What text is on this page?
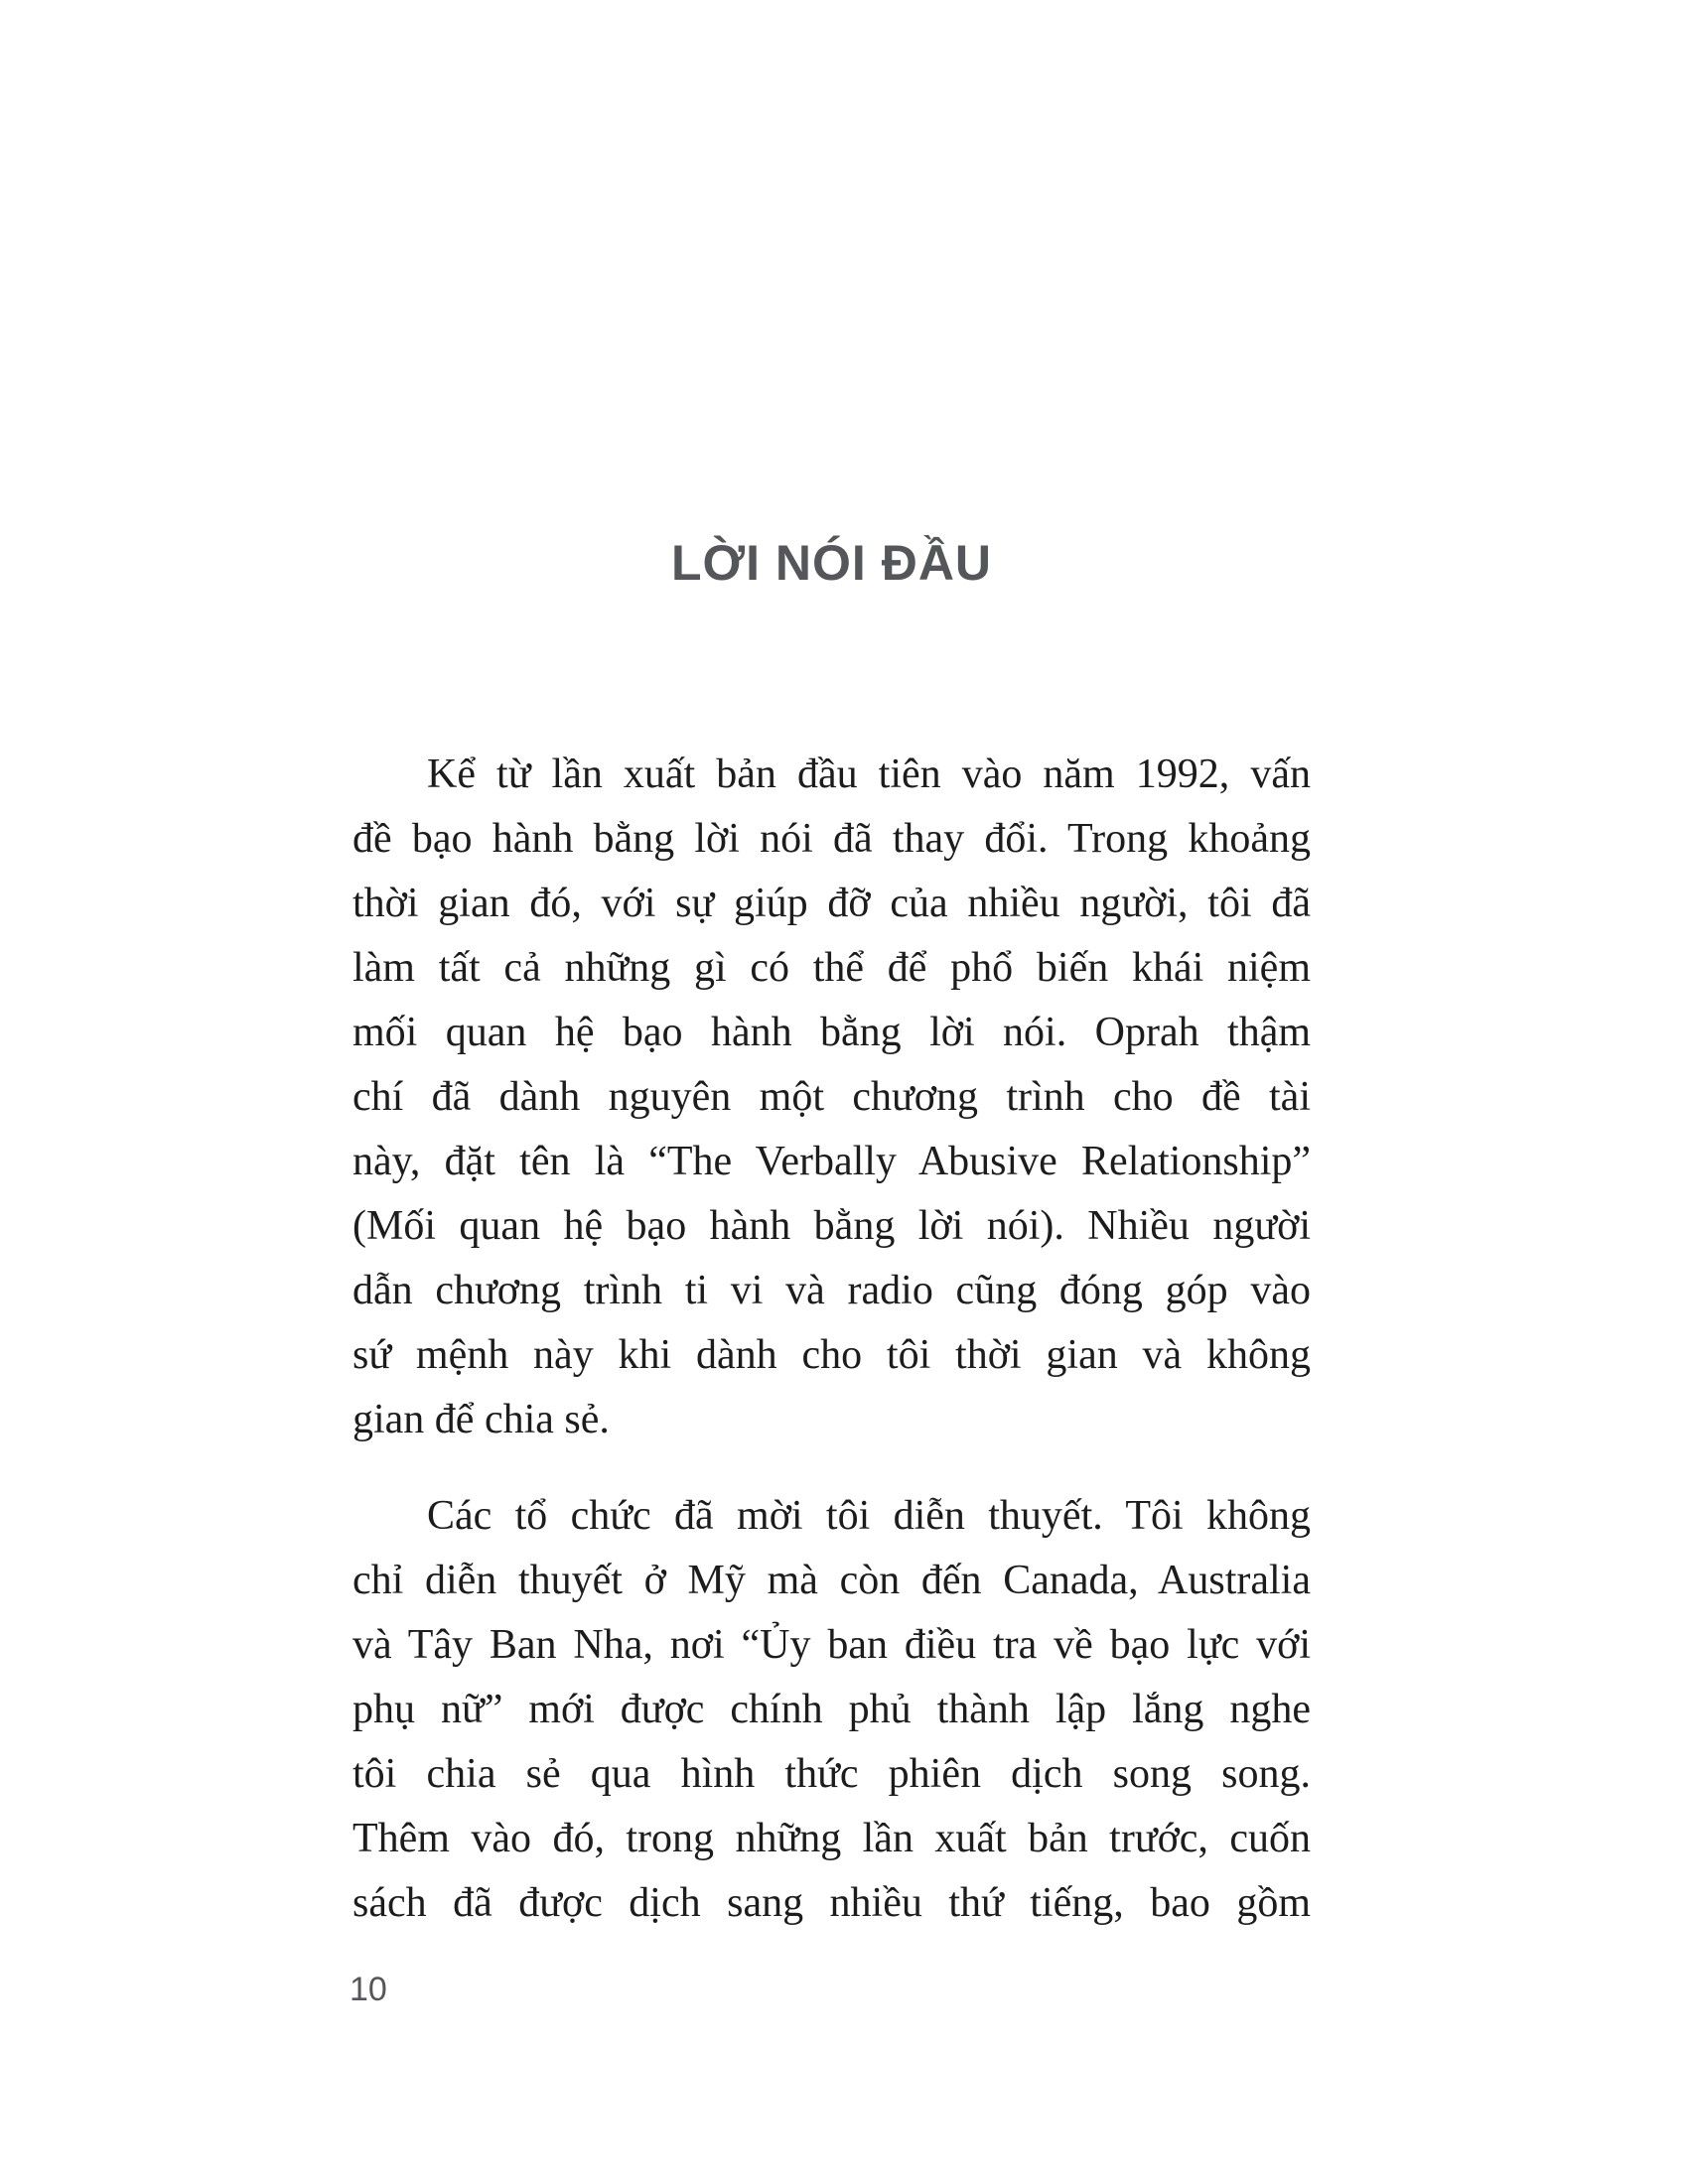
LỜI NÓI ĐẦU
Kể từ lần xuất bản đầu tiên vào năm 1992, vấn
đề bạo hành bằng lời nói đã thay đổi. Trong khoảng
thời gian đó, với sự giúp đỡ của nhiều người, tôi đã
làm tất cả những gì có thể để phổ biến khái niệm
mối quan hệ bạo hành bằng lời nói. Oprah thậm
chí đã dành nguyên một chương trình cho đề tài
này, đặt tên là “The Verbally Abusive Relationship”
(Mối quan hệ bạo hành bằng lời nói). Nhiều người
dẫn chương trình ti vi và radio cũng đóng góp vào
sứ mệnh này khi dành cho tôi thời gian và không
gian để chia sẻ.
Các tổ chức đã mời tôi diễn thuyết. Tôi không
chỉ diễn thuyết ở Mỹ mà còn đến Canada, Australia
và Tây Ban Nha, nơi “Ủy ban điều tra về bạo lực với
phụ nữ” mới được chính phủ thành lập lắng nghe
tôi chia sẻ qua hình thức phiên dịch song song.
Thêm vào đó, trong những lần xuất bản trước, cuốn
sách đã được dịch sang nhiều thứ tiếng, bao gồm
10
